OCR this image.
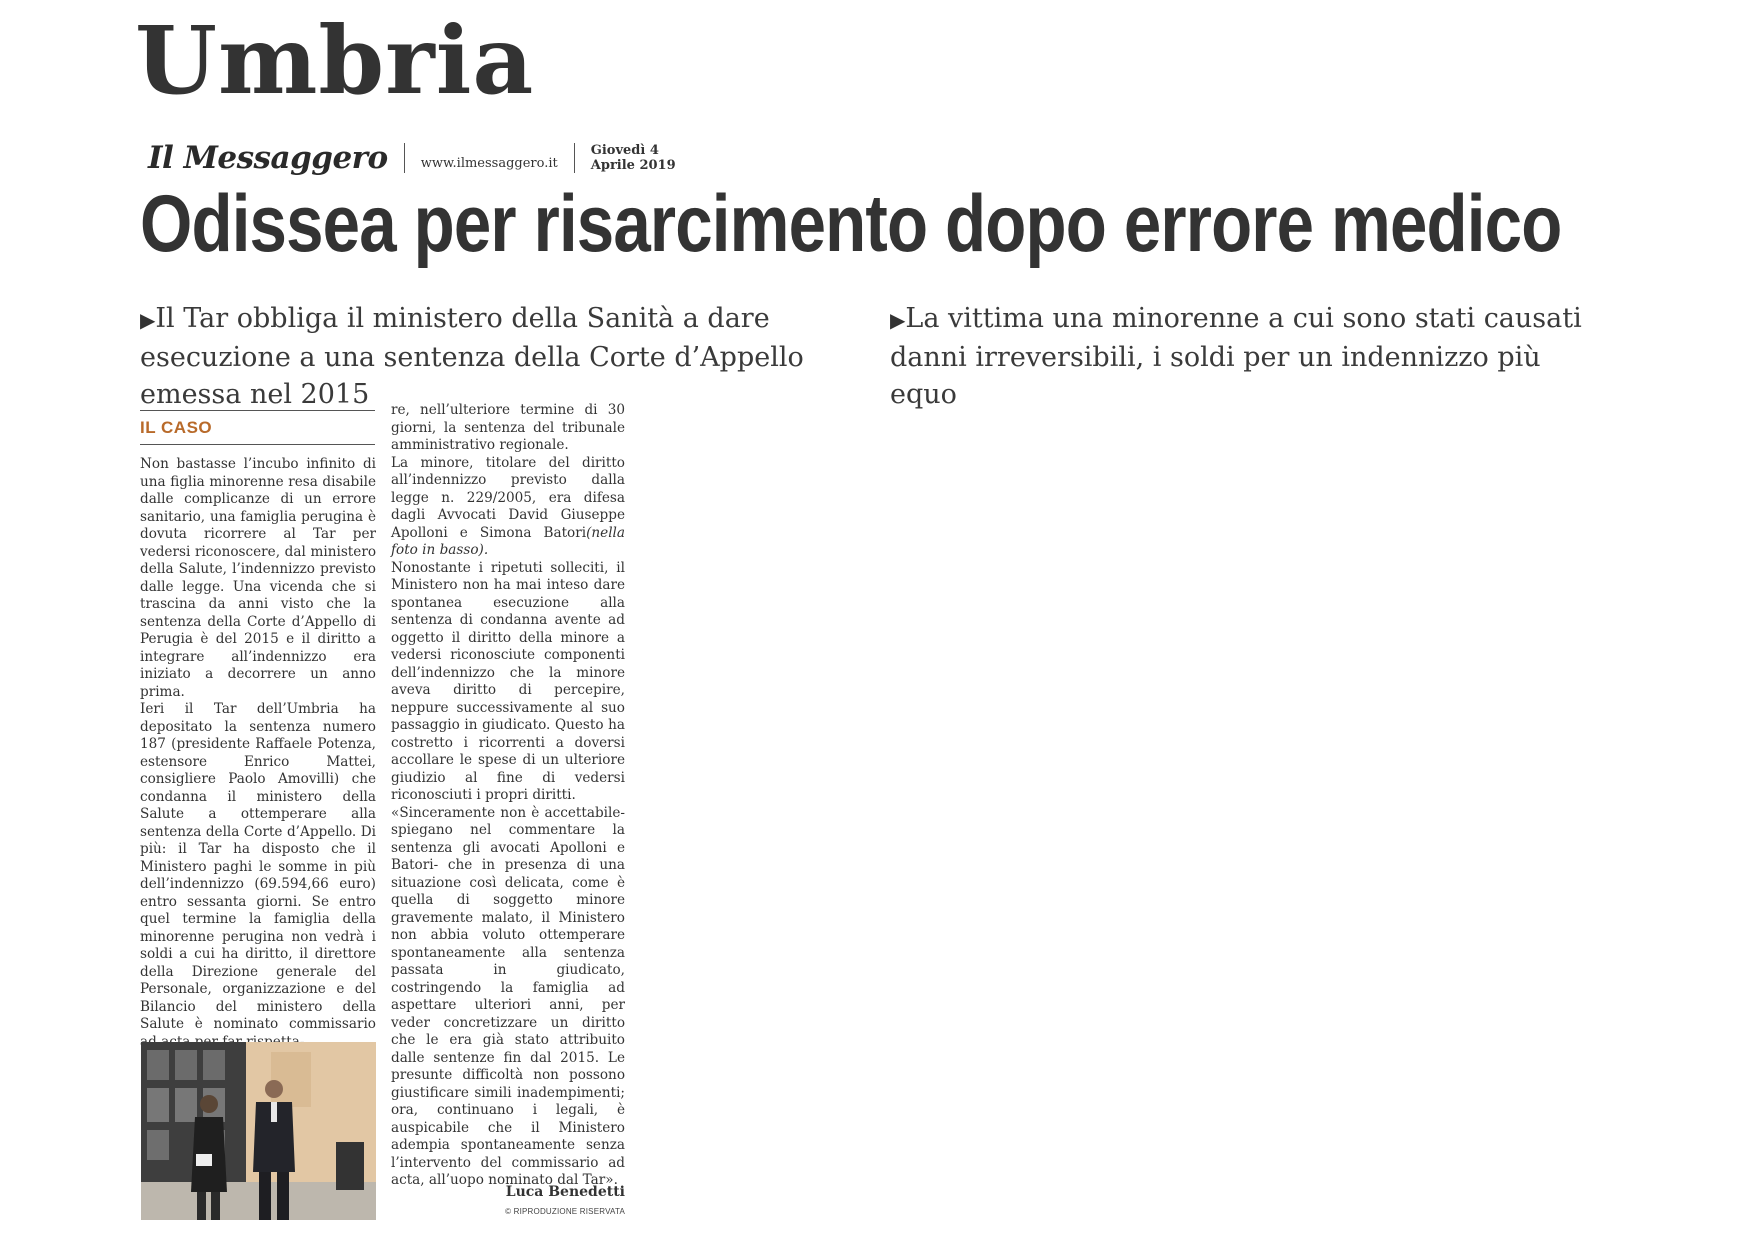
Umbria
Il Messaggero	www.ilmessaggero.it
Giovedì 4
Aprile 2019
Odissea per risarcimento dopo errore medico
▶Il Tar obbliga il ministero della Sanità a dare esecuzione a una sentenza della Corte d’Appello emessa nel 2015
▶La vittima una minorenne a cui sono stati causati danni irreversibili, i soldi per un indennizzo più equo
IL CASO

Non bastasse l’incubo infinito di una figlia minorenne resa disabile dalle complicanze di un errore sanitario, una famiglia perugina è dovuta ricorrere al Tar per vedersi riconoscere, dal ministero della Salute, l’indennizzo previsto dalle legge. Una vicenda che si trascina da anni visto che la sentenza della Corte d’Appello di Perugia è del 2015 e il diritto a integrare all’indennizzo era iniziato a decorrere un anno prima.

Ieri il Tar dell’Umbria ha depositato la sentenza numero 187 (presidente Raffaele Potenza, estensore Enrico Mattei, consigliere Paolo Amovilli) che condanna il ministero della Salute a ottemperare alla sentenza della Corte d’Appello. Di più: il Tar ha disposto che il Ministero paghi le somme in più dell’indennizzo (69.594,66 euro) entro sessanta giorni. Se entro quel termine la famiglia della minorenne perugina non vedrà i soldi a cui ha diritto, il direttore della Direzione generale del Personale, organizzazione e del Bilancio del ministero della Salute è nominato commissario

re, nell’ulteriore termine di 30 giorni, la sentenza del tribunale amministrativo regionale.

La minore, titolare del diritto all’indennizzo previsto dalla legge n. 229/2005, era difesa dagli Avvocati David Giuseppe Apolloni e Simona Batori(nella foto in basso).

Nonostante i ripetuti solleciti, il Ministero non ha mai inteso dare spontanea esecuzione alla sentenza di condanna avente ad oggetto il diritto della minore a vedersi riconosciute componenti dell’indennizzo che la minore aveva diritto di percepire, neppure successivamente al suo passaggio in giudicato. Questo ha costretto i ricorrenti a doversi accollare le spese di un ulteriore giudizio al fine di vedersi riconosciuti i propri diritti.

«Sinceramente non è accettabile- spiegano nel commentare la sentenza gli avocati Apolloni e Batori- che in presenza di una situazione così delicata, come è quella di soggetto minore gravemente malato, il Ministero non abbia voluto ottemperare spontaneamente alla sentenza passata in giudicato, costringendo la famiglia ad aspettare ulteriori anni, per veder concretizzare un diritto che le era già stato attribuito dalle sentenze fin dal 2015. Le presunte difficoltà non possono giustificare simili inadempimenti; ora, continuano i legali, è auspicabile che il Ministero adempia spontaneamente senza l’intervento del commissario ad acta, all’uopo nominato dal Tar».

Luca Benedetti
© RIPRODUZIONE RISERVATA
